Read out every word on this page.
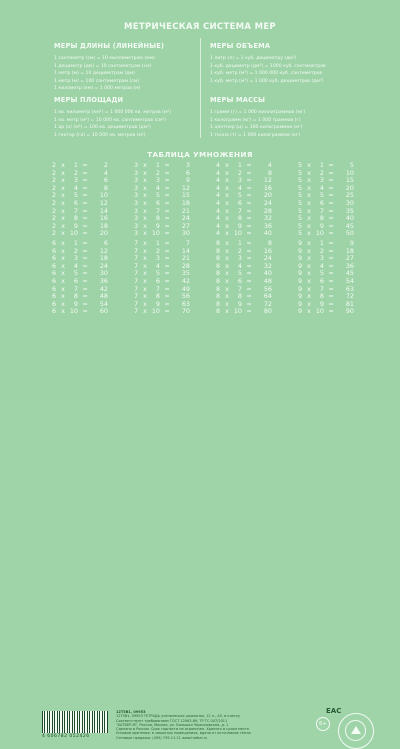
МЕТРИЧЕСКАЯ СИСТЕМА МЕР
МЕРЫ ДЛИНЫ (ЛИНЕЙНЫЕ)
1 сантиметр (см) = 10 миллиметрам (мм)
1 дециметр (дм) = 10 сантиметрам (см)
1 метр (м) = 10 дециметрам (дм)
1 метр (м) = 100 сантиметрам (см)
1 километр (км) = 1 000 метров (м)
МЕРЫ ОБЪЕМА
1 литр (л) = 1 куб. дециметру (дм³)
1 куб. дециметр (дм³) = 1000 куб. сантиметров
1 куб. метр (м³) = 1 000 000 куб. сантиметров
1 куб. метр (м³) = 1 000 куб. дециметров (дм³)
МЕРЫ ПЛОЩАДИ
1 кв. километр (км²) = 1 000 000 кв. метров (м²)
1 кв. метр (м²) = 10 000 кв. сантиметров (см²)
1 ар (а) (м²) = 100 кв. дециметров (дм²)
1 гектар (га) = 10 000 кв. метров (м²)
МЕРЫ МАССЫ
1 грамм (г) = 1 000 миллиграммов (мг)
1 килограмм (кг) = 1 000 граммов (г)
1 центнер (ц) = 100 килограммов (кг)
1 тонна (т) = 1 000 килограммов (кг)
ТАБЛИЦА УМНОЖЕНИЯ
2 x	1 =	2
2 x	2 =	4
2 x	3 =	6
2 x	4 =	8
2 x	5 =	10
2 x	6 =	12
2 x	7 =	14
2 x	8 =	16
2 x	9 =	18
2 x 10 =	20
3 x	1 =	3
3 x	2 =	6
3 x	3 =	9
3 x	4 =	12
3 x	5 =	15
3 x	6 =	18
3 x	7 =	21
3 x	8 =	24
3 x	9 =	27
3 x 10 =	30
4 x	1 =	4
4 x	2 =	8
4 x	3 =	12
4 x	4 =	16
4 x	5 =	20
4 x	6 =	24
4 x	7 =	28
4 x	8 =	32
4 x	9 =	36
4 x 10 =	40
5 x	1 =	5
5 x	2 =	10
5 x	3 =	15
5 x	4 =	20
5 x	5 =	25
5 x	6 =	30
5 x	7 =	35
5 x	8 =	40
5 x	9 =	45
5 x 10 =	50
6 x	1 =	6
6 x	2 =	12
6 x	3 =	18
6 x	4 =	24
6 x	5 =	30
6 x	6 =	36
6 x	7 =	42
6 x	8 =	48
6 x	9 =	54
6 x 10 =	60
7 x	1 =	7
7 x	2 =	14
7 x	3 =	21
7 x	4 =	28
7 x	5 =	35
7 x	6 =	42
7 x	7 =	49
7 x	8 =	56
7 x	9 =	63
7 x 10 =	70
8 x	1 =	8
8 x	2 =	16
8 x	3 =	24
8 x	4 =	32
8 x	5 =	40
8 x	6 =	48
8 x	7 =	56
8 x	8 =	64
8 x	9 =	72
8 x 10 =	80
9 x	1 =	9
9 x	2 =	18
9 x	3 =	27
9 x	4 =	36
9 x	5 =	45
9 x	6 =	54
9 x	7 =	63
9 x	8 =	72
9 x	9 =	81
9 x 10 =	90
4 606782 052426
12Т5В1, 09953
12Т5В1, 09953 ТЕТРАДЬ ученическая школьная, 12 л., А5, в клетку
Соответствует требованиям ГОСТ 12063-89, ТР ТС 007/2011
"ХАТБЕР-М", Россия, Москва, ул. Большая Черкизовская, д. 1
Сделано в России. Срок годности не ограничен. Хранить в сухом месте
Условия хранения: в закрытых помещениях, вдали от источников тепла
Оптовые продажи: (495) 739-11-11 www.hatber.ru
EAC
6+
